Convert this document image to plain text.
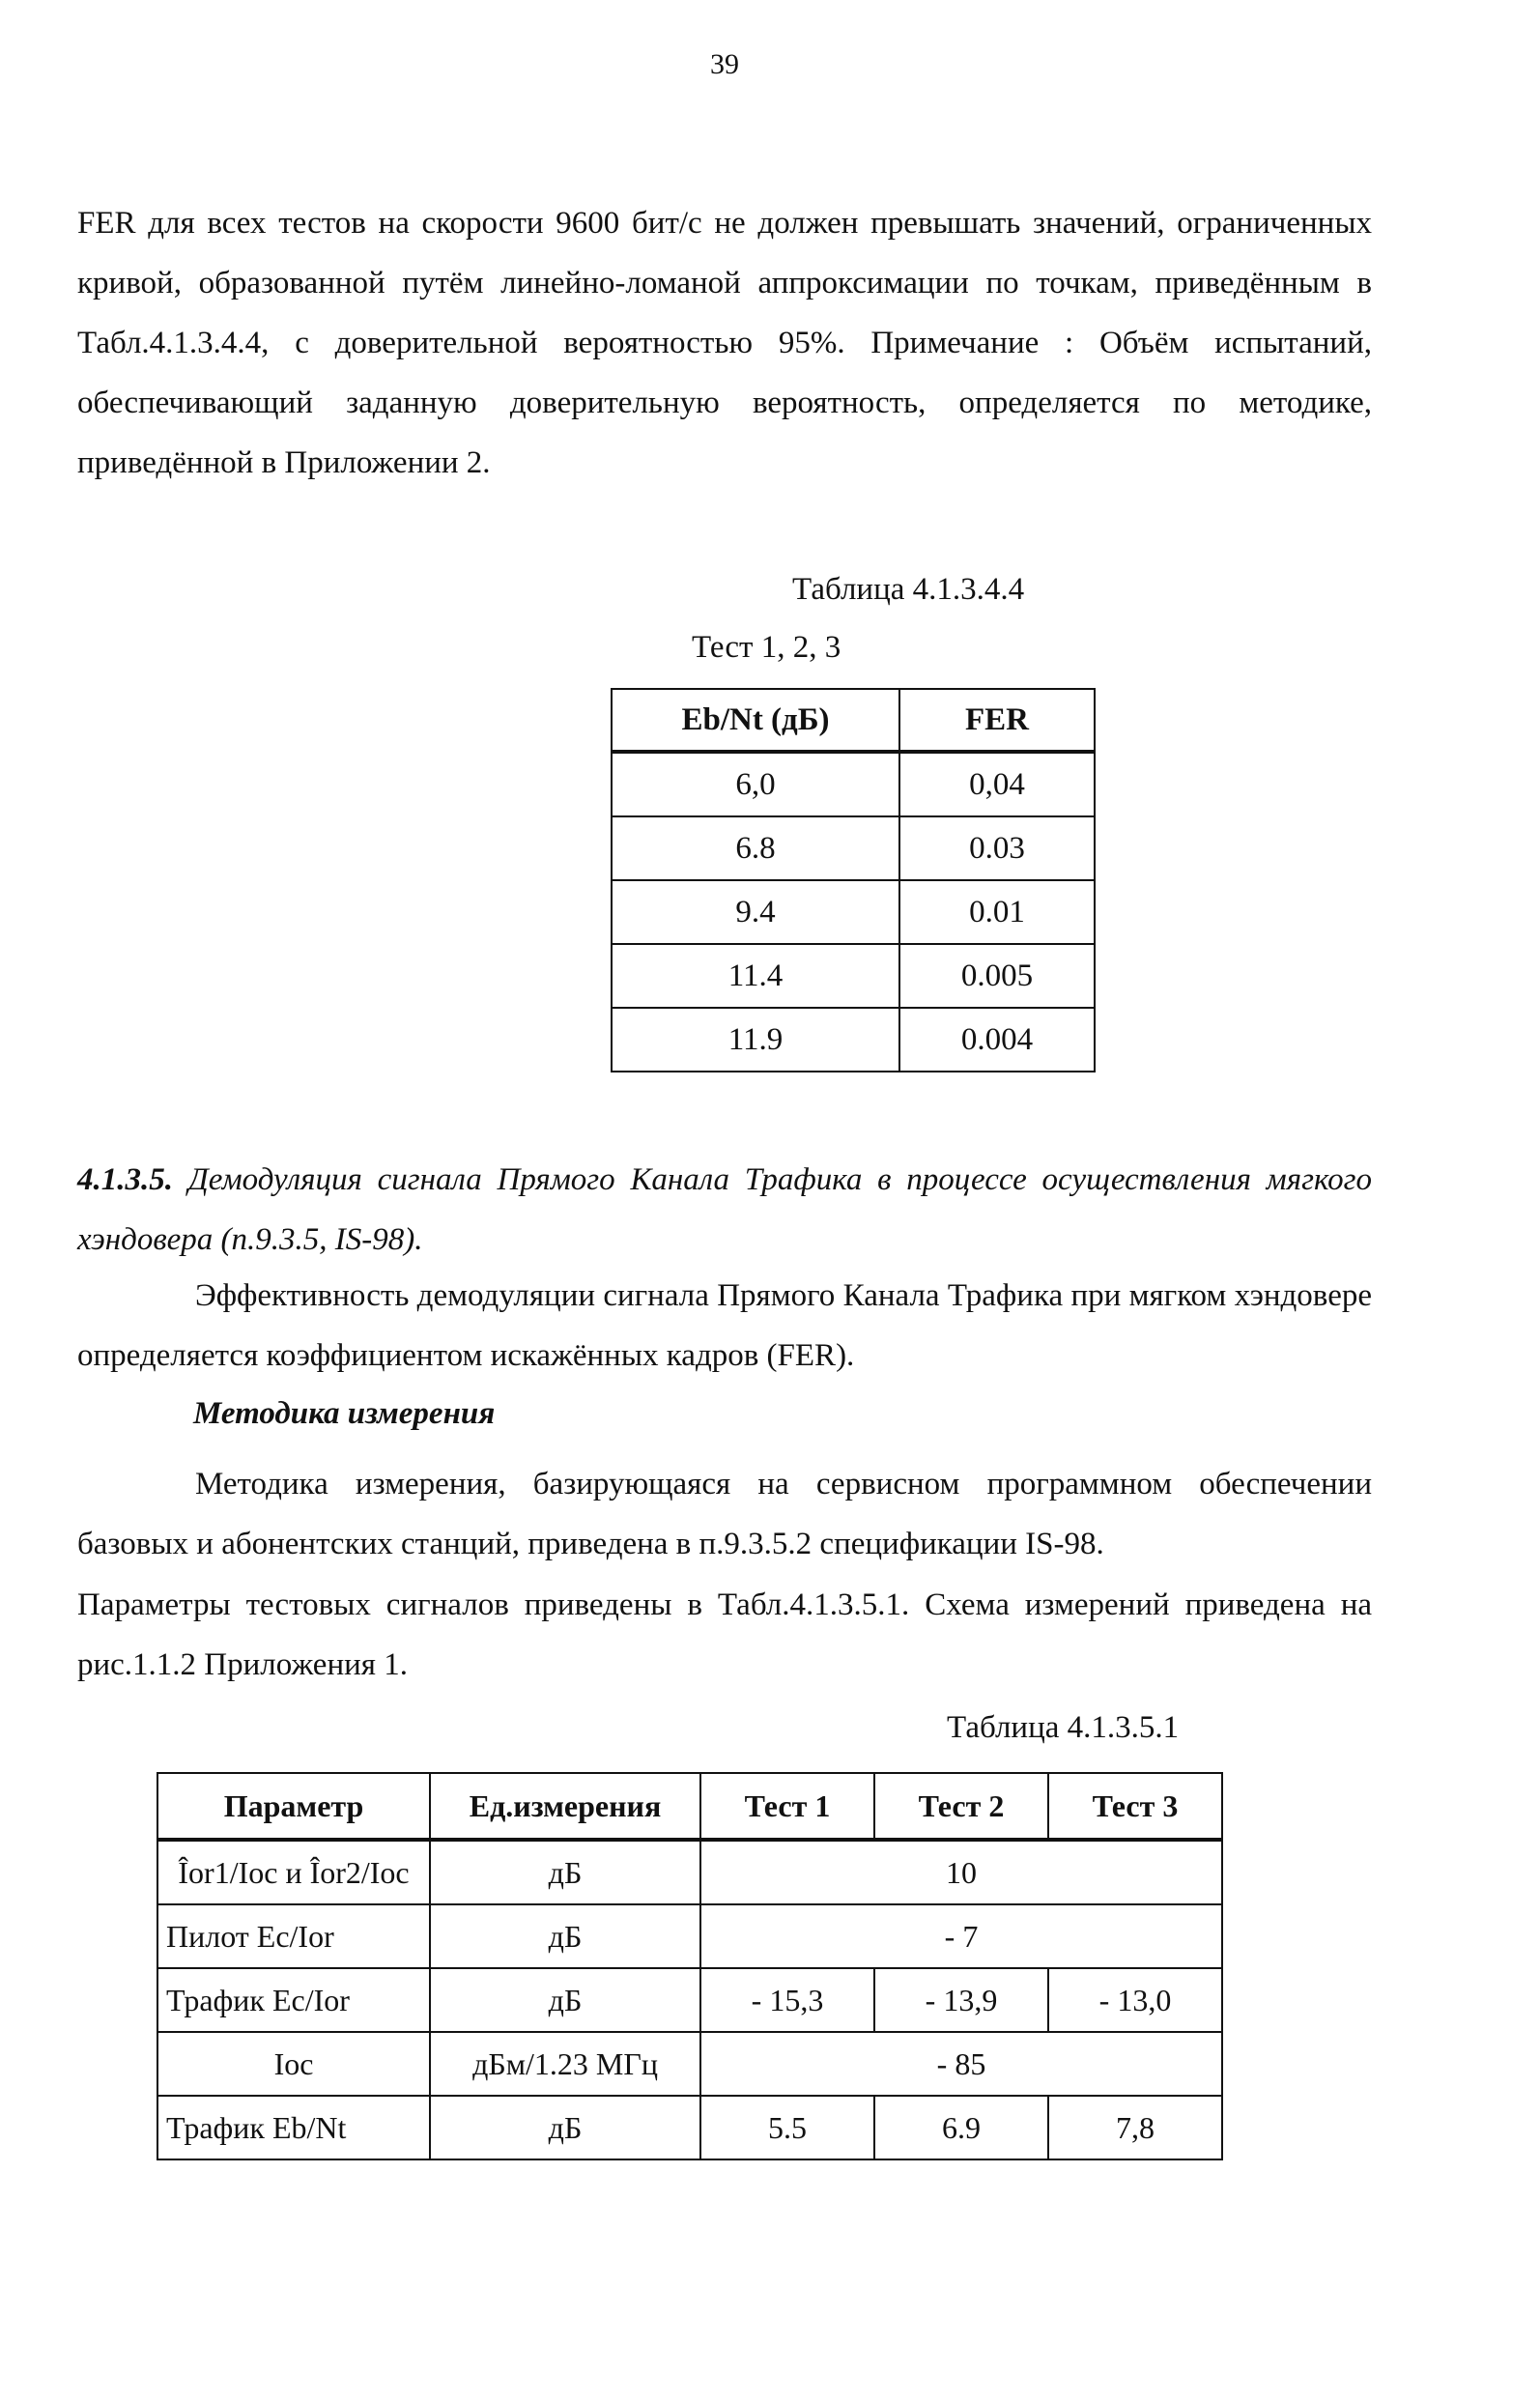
39

FER для всех тестов на скорости 9600 бит/с не должен превышать значений, ограниченных кривой, образованной путём линейно-ломаной аппроксимации по точкам, приведённым в Табл.4.1.3.4.4, с доверительной вероятностью 95%. Примечание : Объём испытаний, обеспечивающий заданную доверительную вероятность, определяется по методике, приведённой в Приложении 2.

Таблица 4.1.3.4.4
Тест 1, 2, 3
Eb/Nt (дБ)	FER
6,0	0,04
6.8	0.03
9.4	0.01
11.4	0.005
11.9	0.004

4.1.3.5. Демодуляция сигнала Прямого Канала Трафика в процессе осуществления мягкого хэндовера (п.9.3.5, IS-98).

Эффективность демодуляции сигнала Прямого Канала Трафика при мягком хэндовере определяется коэффициентом искажённых кадров (FER).

Методика измерения

Методика измерения, базирующаяся на сервисном программном обеспечении базовых и абонентских станций, приведена в п.9.3.5.2 спецификации IS-98.

Параметры тестовых сигналов приведены в Табл.4.1.3.5.1. Схема измерений приведена на рис.1.1.2 Приложения 1.

Таблица 4.1.3.5.1
Параметр	Ед.измерения	Тест 1	Тест 2	Тест 3
Îor1/Ioc и Îor2/Ioc	дБ	10		
Пилот Ec/Ior	дБ	- 7		
Трафик Ec/Ior	дБ	- 15,3	- 13,9	- 13,0
Ioc	дБм/1.23 МГц	- 85		
Трафик Eb/Nt	дБ	5.5	6.9	7,8
